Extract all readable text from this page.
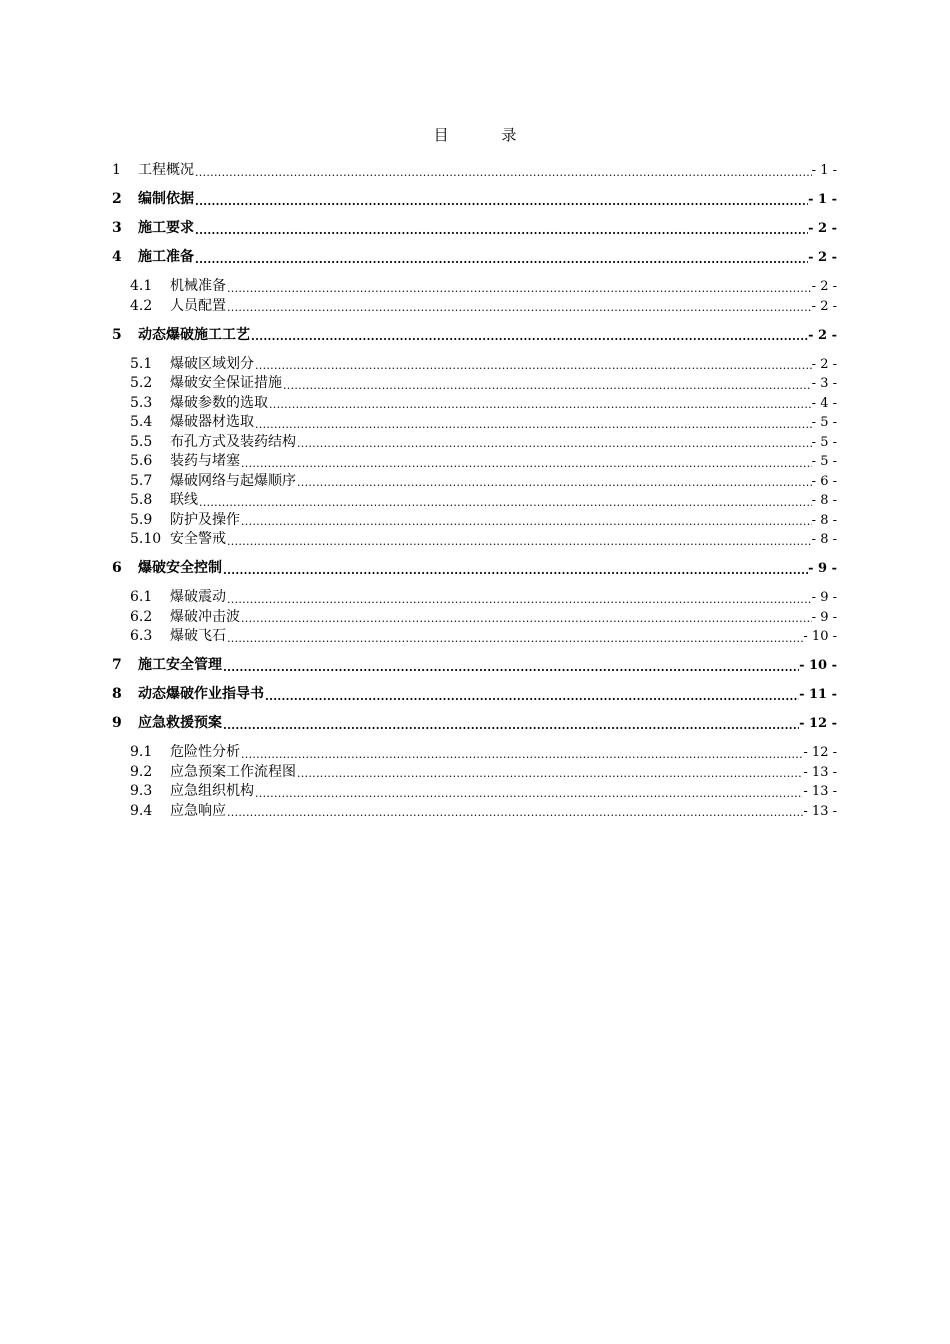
目 录
1	工程概况 .....	- 1 -
2	编制依据 .....	- 1 -
3	施工要求 .....	- 2 -
4	施工准备 .....	- 2 -
4.1	机械准备 .....	- 2 -
4.2	人员配置 .....	- 2 -
5	动态爆破施工工艺 .....	- 2 -
5.1	爆破区域划分 .....	- 2 -
5.2	爆破安全保证措施 .....	- 3 -
5.3	爆破参数的选取 .....	- 4 -
5.4	爆破器材选取 .....	- 5 -
5.5	布孔方式及装药结构 .....	- 5 -
5.6	装药与堵塞 .....	- 5 -
5.7	爆破网络与起爆顺序 .....	- 6 -
5.8	联线 .....	- 8 -
5.9	防护及操作 .....	- 8 -
5.10 安全警戒 .....	- 8 -
6	爆破安全控制 .....	- 9 -
6.1	爆破震动 .....	- 9 -
6.2	爆破冲击波 .....	- 9 -
6.3	爆破飞石 .....	- 10 -
7	施工安全管理 .....	- 10 -
8	动态爆破作业指导书 .....	- 11 -
9	应急救援预案 .....	- 12 -
9.1	危险性分析 .....	- 12 -
9.2	应急预案工作流程图 .....	- 13 -
9.3	应急组织机构 .....	- 13 -
9.4	应急响应 .....	- 13 -
